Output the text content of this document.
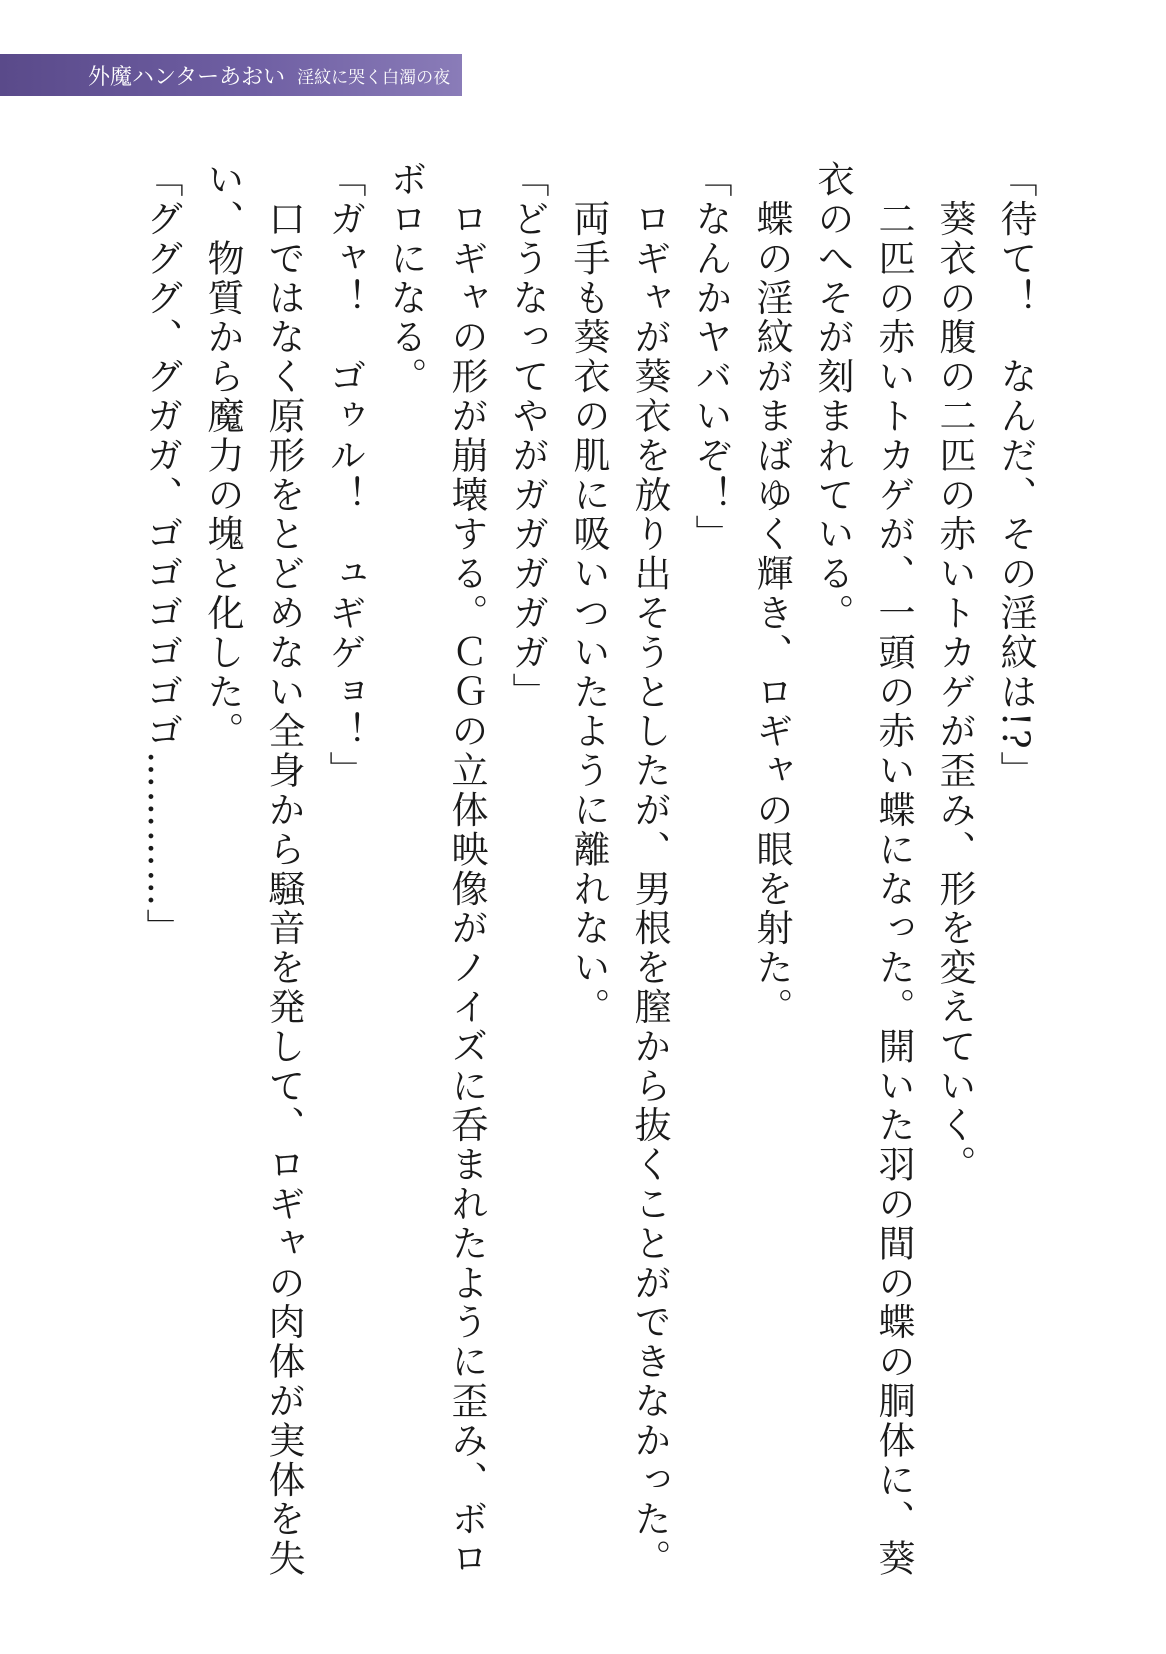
外魔ハンターあおい 淫紋に哭く白濁の夜

「待て！　なんだ、その淫紋は!?」

　葵衣の腹の二匹の赤いトカゲが歪み、形を変えていく。

　二匹の赤いトカゲが、一頭の赤い蝶になった。開いた羽の間の蝶の胴体に、葵

衣のへそが刻まれている。

　蝶の淫紋がまばゆく輝き、ロギャの眼を射た。

「なんかヤバいぞ！」

　ロギャが葵衣を放り出そうとしたが、男根を膣から抜くことができなかった。

　両手も葵衣の肌に吸いついたように離れない。

「どうなってやがガガガガガ」

　ロギャの形が崩壊する。ＣＧの立体映像がノイズに呑まれたように歪み、ボロ

ボロになる。

「ガャ！　ゴゥル！　ュギゲョ！」

　口ではなく原形をとどめない全身から騒音を発して、ロギャの肉体が実体を失

い、物質から魔力の塊と化した。

「グググ、グガガ、ゴゴゴゴゴゴ…………」
